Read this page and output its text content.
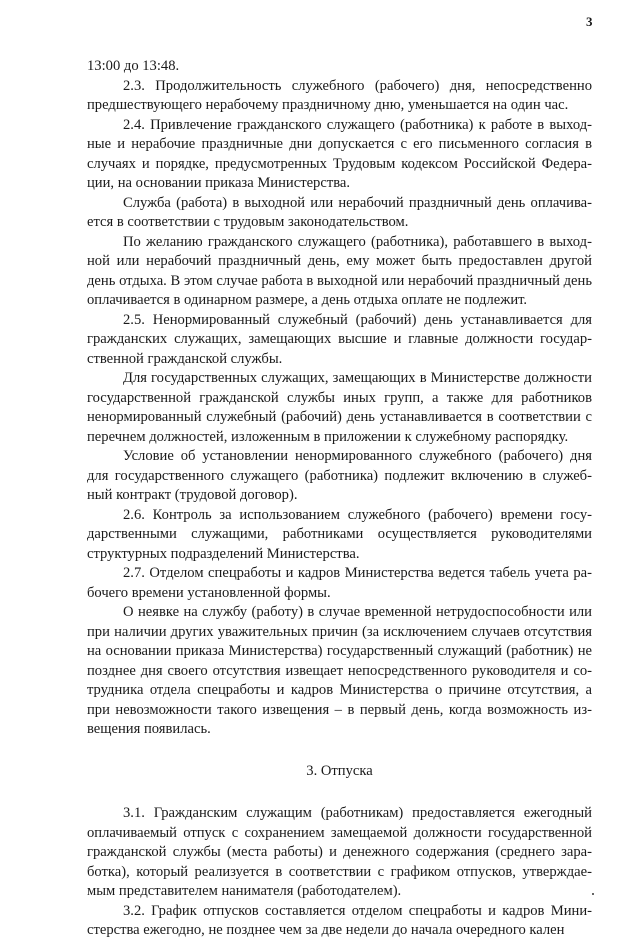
3

13:00 до 13:48.

2.3. Продолжительность служебного (рабочего) дня, непосредственно предшествующего нерабочему праздничному дню, уменьшается на один час.

2.4. Привлечение гражданского служащего (работника) к работе в выходные и нерабочие праздничные дни допускается с его письменного согласия в случаях и порядке, предусмотренных Трудовым кодексом Российской Федерации, на основании приказа Министерства.

Служба (работа) в выходной или нерабочий праздничный день оплачивается в соответствии с трудовым законодательством.

По желанию гражданского служащего (работника), работавшего в выходной или нерабочий праздничный день, ему может быть предоставлен другой день отдыха. В этом случае работа в выходной или нерабочий праздничный день оплачивается в одинарном размере, а день отдыха оплате не подлежит.

2.5. Ненормированный служебный (рабочий) день устанавливается для гражданских служащих, замещающих высшие и главные должности государственной гражданской службы.

Для государственных служащих, замещающих в Министерстве должности государственной гражданской службы иных групп, а также для работников ненормированный служебный (рабочий) день устанавливается в соответствии с перечнем должностей, изложенным в приложении к служебному распорядку.

Условие об установлении ненормированного служебного (рабочего) дня для государственного служащего (работника) подлежит включению в служебный контракт (трудовой договор).

2.6. Контроль за использованием служебного (рабочего) времени государственными служащими, работниками осуществляется руководителями структурных подразделений Министерства.

2.7. Отделом спецработы и кадров Министерства ведется табель учета рабочего времени установленной формы.

О неявке на службу (работу) в случае временной нетрудоспособности или при наличии других уважительных причин (за исключением случаев отсутствия на основании приказа Министерства) государственный служащий (работник) не позднее дня своего отсутствия извещает непосредственного руководителя и сотрудника отдела спецработы и кадров Министерства о причине отсутствия, а при невозможности такого извещения – в первый день, когда возможность извещения появилась.

3. Отпуска

3.1. Гражданским служащим (работникам) предоставляется ежегодный оплачиваемый отпуск с сохранением замещаемой должности государственной гражданской службы (места работы) и денежного содержания (среднего заработка), который реализуется в соответствии с графиком отпусков, утверждаемым представителем нанимателя (работодателем).

3.2. График отпусков составляется отделом спецработы и кадров Министерства ежегодно, не позднее чем за две недели до начала очередного кален
